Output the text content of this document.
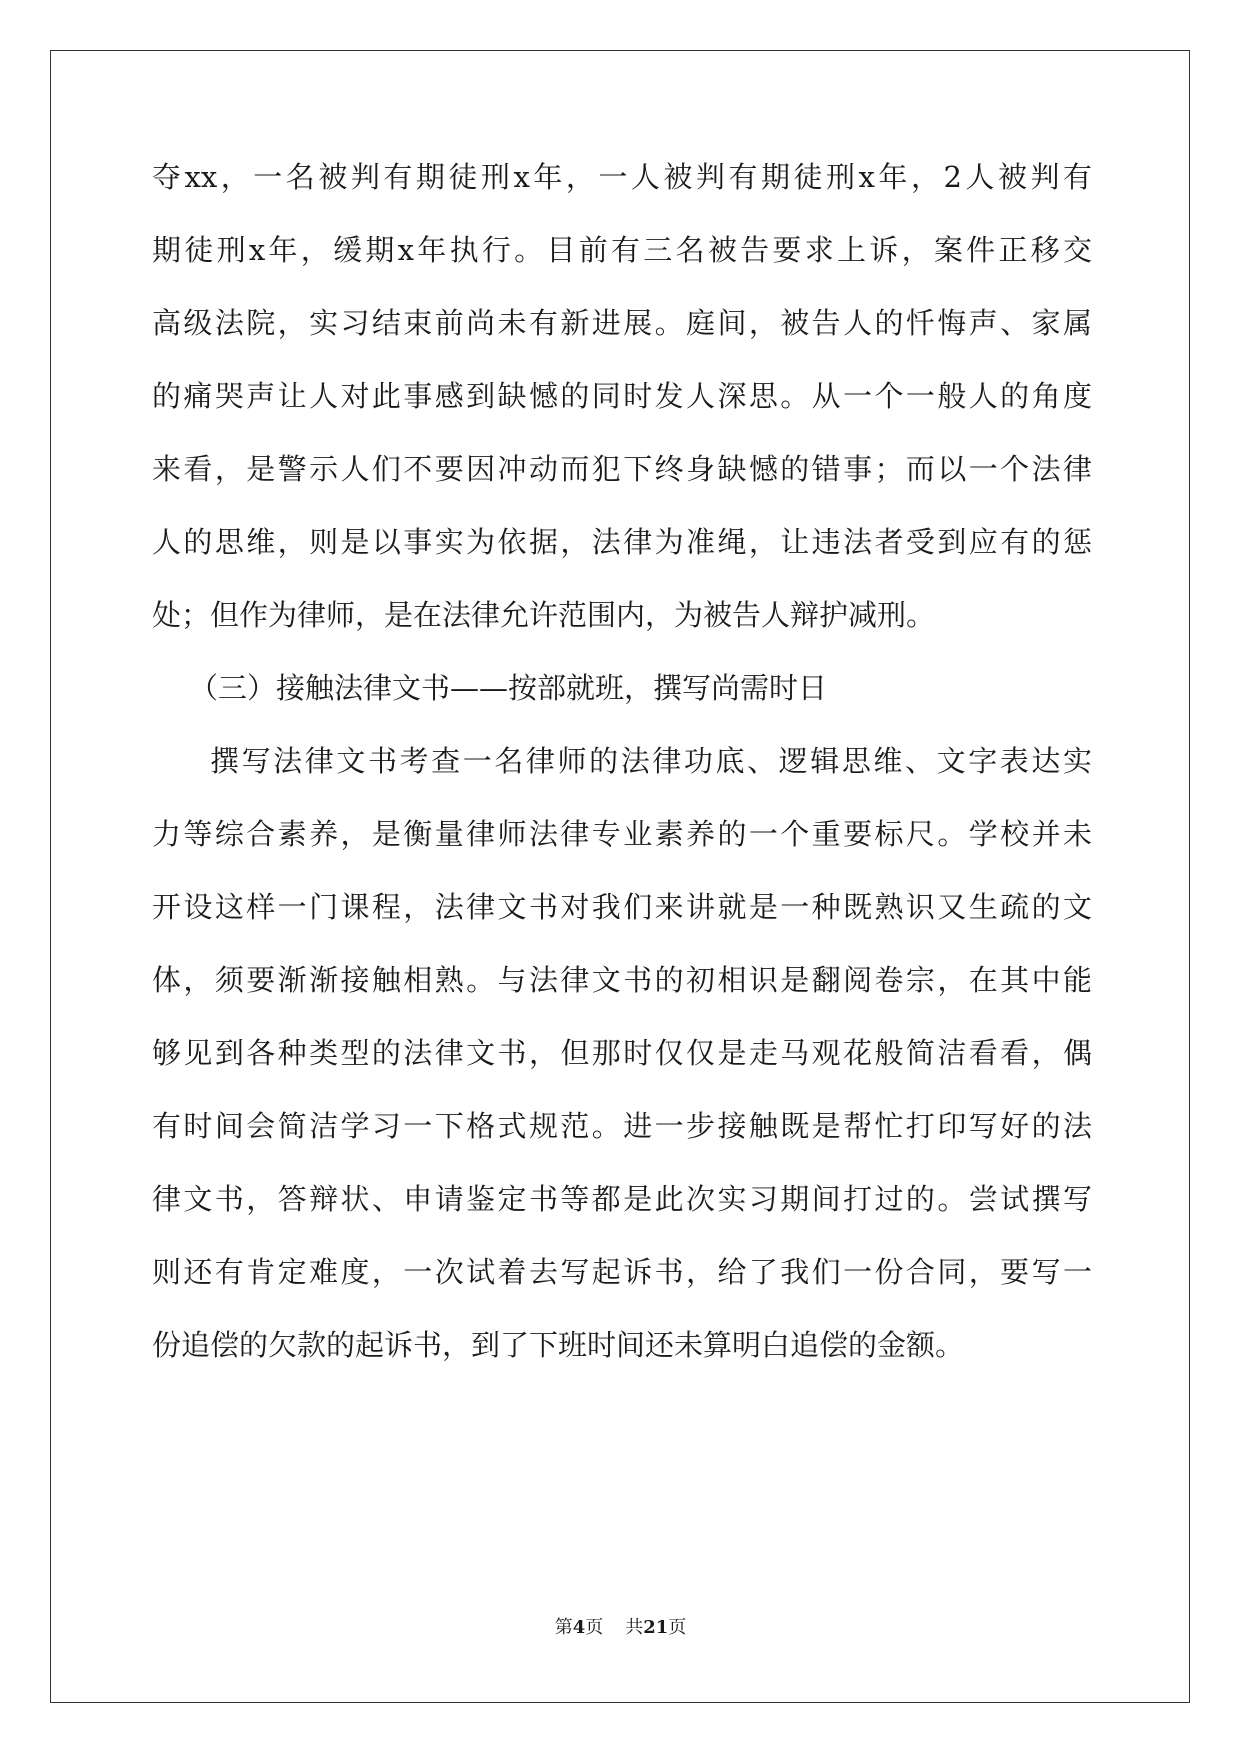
夺xx，一名被判有期徒刑x年，一人被判有期徒刑x年，2人被判有
期徒刑x年，缓期x年执行。目前有三名被告要求上诉，案件正移交
高级法院，实习结束前尚未有新进展。庭间，被告人的忏悔声、家属
的痛哭声让人对此事感到缺憾的同时发人深思。从一个一般人的角度
来看，是警示人们不要因冲动而犯下终身缺憾的错事；而以一个法律
人的思维，则是以事实为依据，法律为准绳，让违法者受到应有的惩
处；但作为律师，是在法律允许范围内，为被告人辩护减刑。
（三）接触法律文书——按部就班，撰写尚需时日
撰写法律文书考查一名律师的法律功底、逻辑思维、文字表达实
力等综合素养，是衡量律师法律专业素养的一个重要标尺。学校并未
开设这样一门课程，法律文书对我们来讲就是一种既熟识又生疏的文
体，须要渐渐接触相熟。与法律文书的初相识是翻阅卷宗，在其中能
够见到各种类型的法律文书，但那时仅仅是走马观花般简洁看看，偶
有时间会简洁学习一下格式规范。进一步接触既是帮忙打印写好的法
律文书，答辩状、申请鉴定书等都是此次实习期间打过的。尝试撰写
则还有肯定难度，一次试着去写起诉书，给了我们一份合同，要写一
份追偿的欠款的起诉书，到了下班时间还未算明白追偿的金额。
第4页 共21页
